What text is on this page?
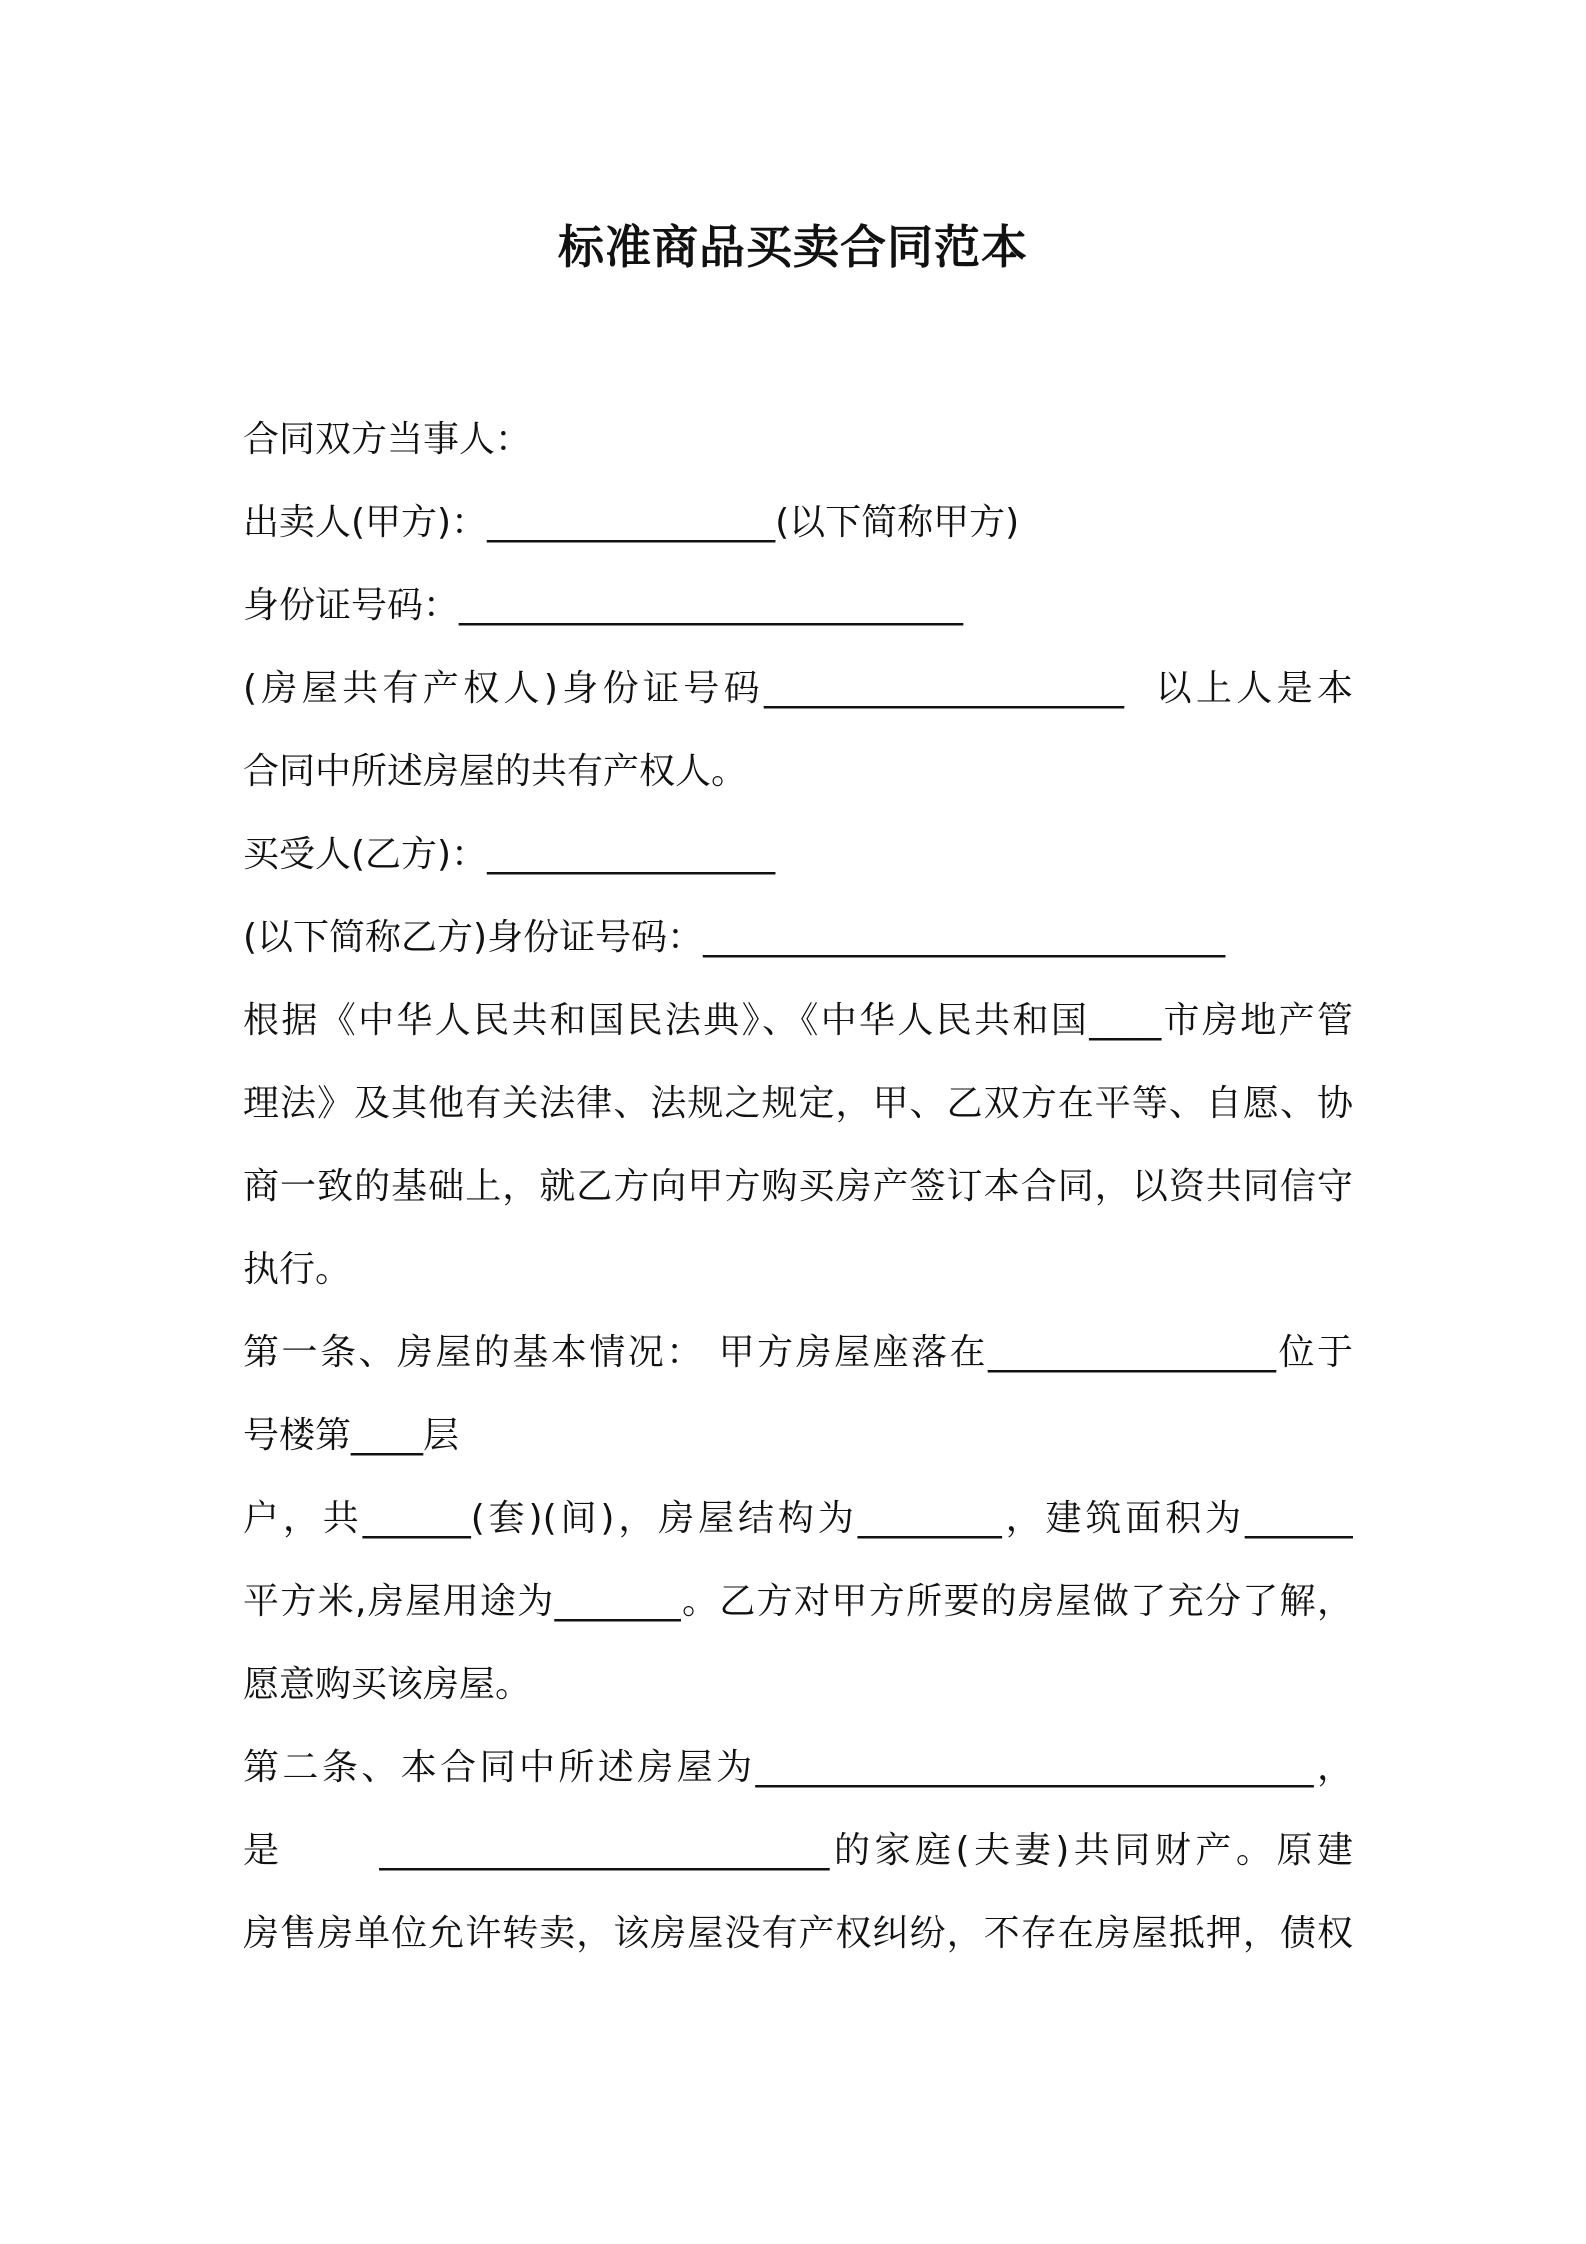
标准商品买卖合同范本
合同双方当事人：
出卖人(甲方)：________________(以下简称甲方)
身份证号码：____________________________
(房屋共有产权人)身份证号码____________________  以上人是本
合同中所述房屋的共有产权人。
买受人(乙方)：________________
(以下简称乙方)身份证号码：_____________________________
根据《中华人民共和国民法典》、《中华人民共和国____市房地产管
理法》及其他有关法律、法规之规定，甲、乙双方在平等、自愿、协
商一致的基础上，就乙方向甲方购买房产签订本合同，以资共同信守
执行。
第一条、房屋的基本情况： 甲方房屋座落在________________位于
号楼第____层
户，共______(套)(间)，房屋结构为________，建筑面积为______
平方米,房屋用途为_______。乙方对甲方所要的房屋做了充分了解，
愿意购买该房屋。
第二条、本合同中所述房屋为_______________________________，
是      _________________________的家庭(夫妻)共同财产。原建
房售房单位允许转卖，该房屋没有产权纠纷，不存在房屋抵押，债权
